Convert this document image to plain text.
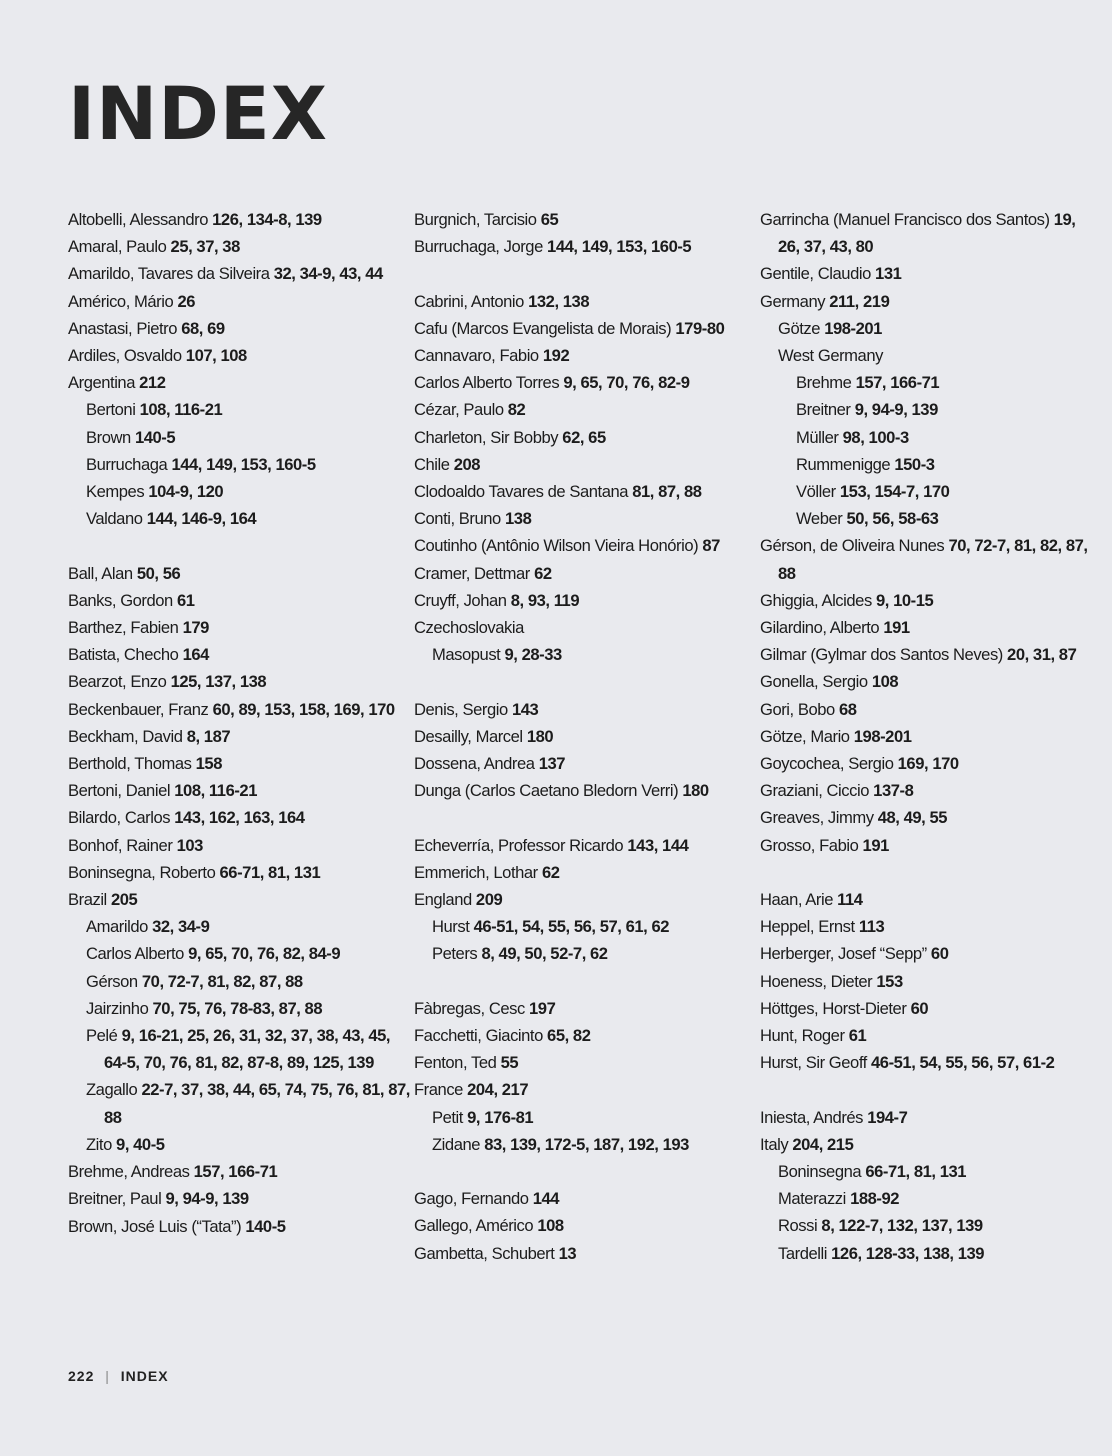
INDEX
Altobelli, Alessandro 126, 134-8, 139
Amaral, Paulo 25, 37, 38
Amarildo, Tavares da Silveira 32, 34-9, 43, 44
Américo, Mário 26
Anastasi, Pietro 68, 69
Ardiles, Osvaldo 107, 108
Argentina 212
Bertoni 108, 116-21
Brown 140-5
Burruchaga 144, 149, 153, 160-5
Kempes 104-9, 120
Valdano 144, 146-9, 164
Ball, Alan 50, 56
Banks, Gordon 61
Barthez, Fabien 179
Batista, Checho 164
Bearzot, Enzo 125, 137, 138
Beckenbauer, Franz 60, 89, 153, 158, 169, 170
Beckham, David 8, 187
Berthold, Thomas 158
Bertoni, Daniel 108, 116-21
Bilardo, Carlos 143, 162, 163, 164
Bonhof, Rainer 103
Boninsegna, Roberto 66-71, 81, 131
Brazil 205
Amarildo 32, 34-9
Carlos Alberto 9, 65, 70, 76, 82, 84-9
Gérson 70, 72-7, 81, 82, 87, 88
Jairzinho 70, 75, 76, 78-83, 87, 88
Pelé 9, 16-21, 25, 26, 31, 32, 37, 38, 43, 45, 64-5, 70, 76, 81, 82, 87-8, 89, 125, 139
Zagallo 22-7, 37, 38, 44, 65, 74, 75, 76, 81, 87, 88
Zito 9, 40-5
Brehme, Andreas 157, 166-71
Breitner, Paul 9, 94-9, 139
Brown, José Luis (“Tata”) 140-5
Burgnich, Tarcisio 65
Burruchaga, Jorge 144, 149, 153, 160-5
Cabrini, Antonio 132, 138
Cafu (Marcos Evangelista de Morais) 179-80
Cannavaro, Fabio 192
Carlos Alberto Torres 9, 65, 70, 76, 82-9
Cézar, Paulo 82
Charleton, Sir Bobby 62, 65
Chile 208
Clodoaldo Tavares de Santana 81, 87, 88
Conti, Bruno 138
Coutinho (Antônio Wilson Vieira Honório) 87
Cramer, Dettmar 62
Cruyff, Johan 8, 93, 119
Czechoslovakia
Masopust 9, 28-33
Denis, Sergio 143
Desailly, Marcel 180
Dossena, Andrea 137
Dunga (Carlos Caetano Bledorn Verri) 180
Echeverría, Professor Ricardo 143, 144
Emmerich, Lothar 62
England 209
Hurst 46-51, 54, 55, 56, 57, 61, 62
Peters 8, 49, 50, 52-7, 62
Fàbregas, Cesc 197
Facchetti, Giacinto 65, 82
Fenton, Ted 55
France 204, 217
Petit 9, 176-81
Zidane 83, 139, 172-5, 187, 192, 193
Gago, Fernando 144
Gallego, Américo 108
Gambetta, Schubert 13
Garrincha (Manuel Francisco dos Santos) 19, 26, 37, 43, 80
Gentile, Claudio 131
Germany 211, 219
Götze 198-201
West Germany
Brehme 157, 166-71
Breitner 9, 94-9, 139
Müller 98, 100-3
Rummenigge 150-3
Völler 153, 154-7, 170
Weber 50, 56, 58-63
Gérson, de Oliveira Nunes 70, 72-7, 81, 82, 87, 88
Ghiggia, Alcides 9, 10-15
Gilardino, Alberto 191
Gilmar (Gylmar dos Santos Neves) 20, 31, 87
Gonella, Sergio 108
Gori, Bobo 68
Götze, Mario 198-201
Goycochea, Sergio 169, 170
Graziani, Ciccio 137-8
Greaves, Jimmy 48, 49, 55
Grosso, Fabio 191
Haan, Arie 114
Heppel, Ernst 113
Herberger, Josef “Sepp” 60
Hoeness, Dieter 153
Höttges, Horst-Dieter 60
Hunt, Roger 61
Hurst, Sir Geoff 46-51, 54, 55, 56, 57, 61-2
Iniesta, Andrés 194-7
Italy 204, 215
Boninsegna 66-71, 81, 131
Materazzi 188-92
Rossi 8, 122-7, 132, 137, 139
Tardelli 126, 128-33, 138, 139
222 | INDEX
